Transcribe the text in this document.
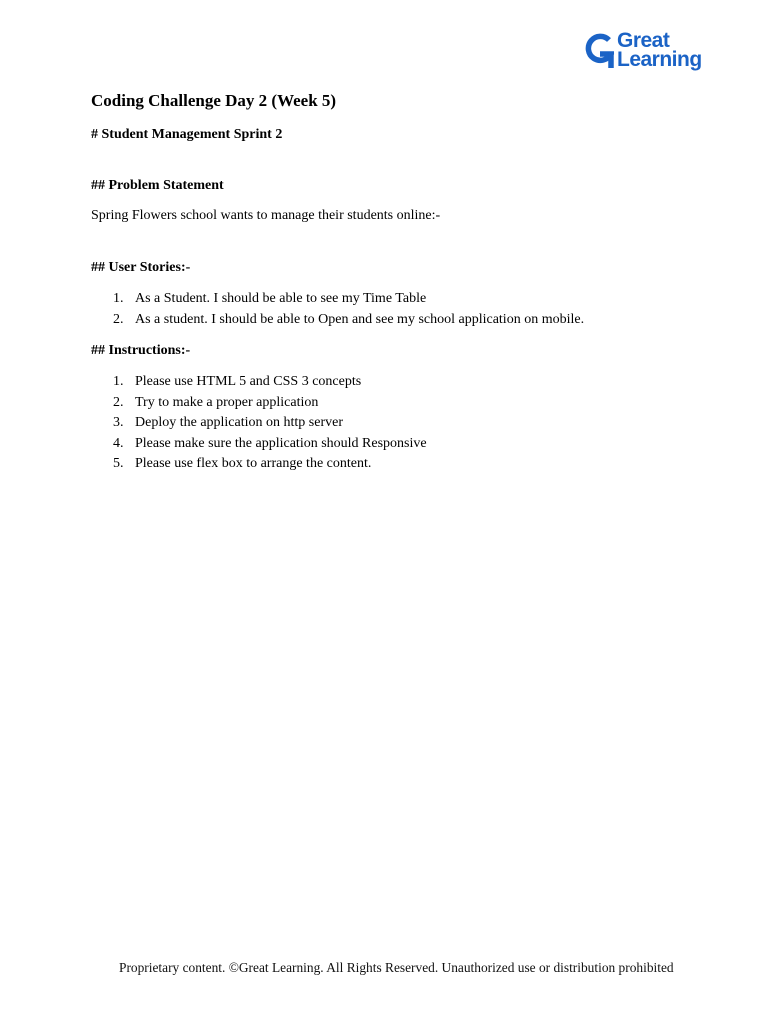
Great
Learning
Coding Challenge Day 2 (Week 5)
# Student Management Sprint 2
## Problem Statement

Spring Flowers school wants to manage their students online:-

## User Stories:-
1. As a Student. I should be able to see my Time Table
2. As a student. I should be able to Open and see my school application on mobile.
## Instructions:-
1. Please use HTML 5 and CSS 3 concepts
2. Try to make a proper application
3. Deploy the application on http server
4. Please make sure the application should Responsive
5. Please use flex box to arrange the content.

Proprietary content. ©Great Learning. All Rights Reserved. Unauthorized use or distribution prohibited
